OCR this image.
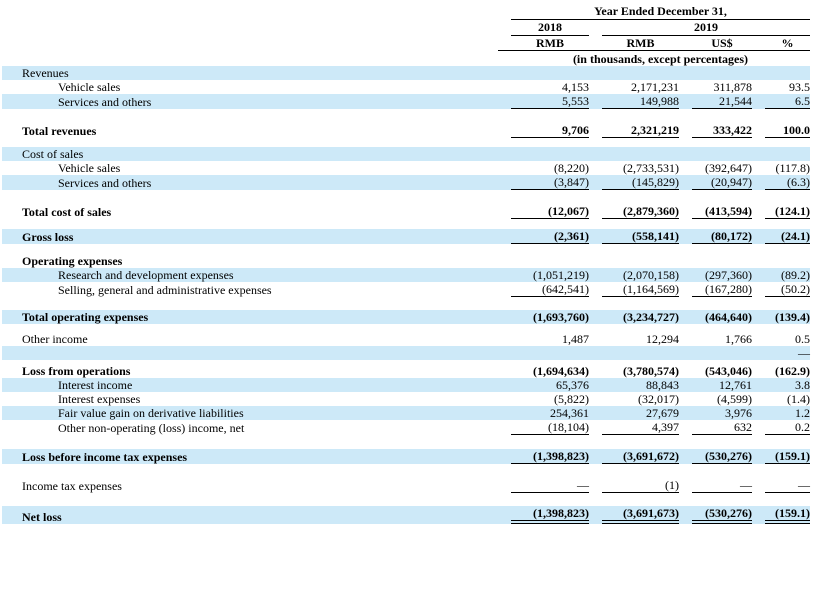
	Year Ended December 31,			

	2018	2019		

	RMB	RMB	US$	%
	(in thousands, except percentages)			
Revenues	

Vehicle sales	4,153	2,171,231	311,878	93.5

Services and others	5,553	149,988	21,544	6.5

Total revenues	9,706	2,321,219	333,422	100.0

Cost of sales	

Vehicle sales	(8,220)	(2,733,531)	(392,647)	(117.8)

Services and others	(3,847)	(145,829)	(20,947)	(6.3)

Total cost of sales	(12,067)	(2,879,360)	(413,594)	(124.1)

Gross loss	(2,361)	(558,141)	(80,172)	(24.1)

Operating expenses	

Research and development expenses	(1,051,219)	(2,070,158)	(297,360)	(89.2)

Selling, general and administrative expenses	(642,541)	(1,164,569)	(167,280)	(50.2)

Total operating expenses	(1,693,760)	(3,234,727)	(464,640)	(139.4)

Other income	1,487	12,294	1,766	0.5

				—

Loss from operations	(1,694,634)	(3,780,574)	(543,046)	(162.9)

Interest income	65,376	88,843	12,761	3.8

Interest expenses	(5,822)	(32,017)	(4,599)	(1.4)

Fair value gain on derivative liabilities	254,361	27,679	3,976	1.2

Other non-operating (loss) income, net	(18,104)	4,397	632	0.2

Loss before income tax expenses	(1,398,823)	(3,691,672)	(530,276)	(159.1)

Income tax expenses	—	(1)	—	—

Net loss	(1,398,823)	(3,691,673)	(530,276)	(159.1)
